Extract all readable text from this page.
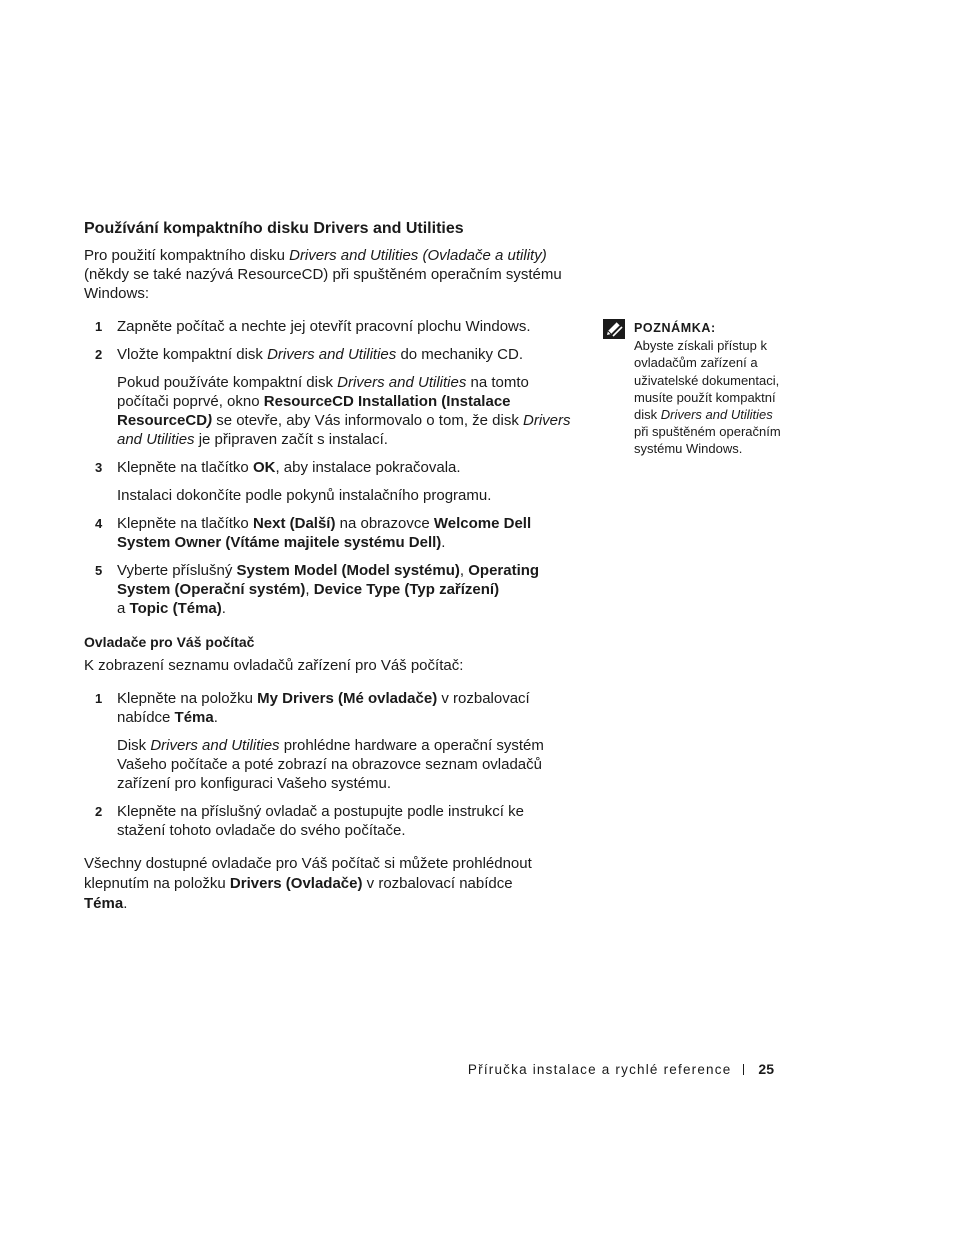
Používání kompaktního disku Drivers and Utilities

Pro použití kompaktního disku Drivers and Utilities (Ovladače a utility) (někdy se také nazývá ResourceCD) při spuštěném operačním systému Windows:

1 Zapněte počítač a nechte jej otevřít pracovní plochu Windows.
2 Vložte kompaktní disk Drivers and Utilities do mechaniky CD.

Pokud používáte kompaktní disk Drivers and Utilities na tomto počítači poprvé, okno ResourceCD Installation (Instalace ResourceCD) se otevře, aby Vás informovalo o tom, že disk Drivers and Utilities je připraven začít s instalací.

3 Klepněte na tlačítko OK, aby instalace pokračovala.

Instalaci dokončíte podle pokynů instalačního programu.

4 Klepněte na tlačítko Next (Další) na obrazovce Welcome Dell System Owner (Vítáme majitele systému Dell).
5 Vyberte příslušný System Model (Model systému), Operating System (Operační systém), Device Type (Typ zařízení)
a Topic (Téma).
Ovladače pro Váš počítač

K zobrazení seznamu ovladačů zařízení pro Váš počítač:

1 Klepněte na položku My Drivers (Mé ovladače) v rozbalovací nabídce Téma.

Disk Drivers and Utilities prohlédne hardware a operační systém Vašeho počítače a poté zobrazí na obrazovce seznam ovladačů zařízení pro konfiguraci Vašeho systému.

2 Klepněte na příslušný ovladač a postupujte podle instrukcí ke stažení tohoto ovladače do svého počítače.

Všechny dostupné ovladače pro Váš počítač si můžete prohlédnout klepnutím na položku Drivers (Ovladače) v rozbalovací nabídce
Téma.

POZNÁMKA:
Abyste získali přístup k ovladačům zařízení a uživatelské dokumentaci, musíte použít kompaktní disk Drivers and Utilities při spuštěném operačním systému Windows.
Příručka instalace a rychlé reference 25
